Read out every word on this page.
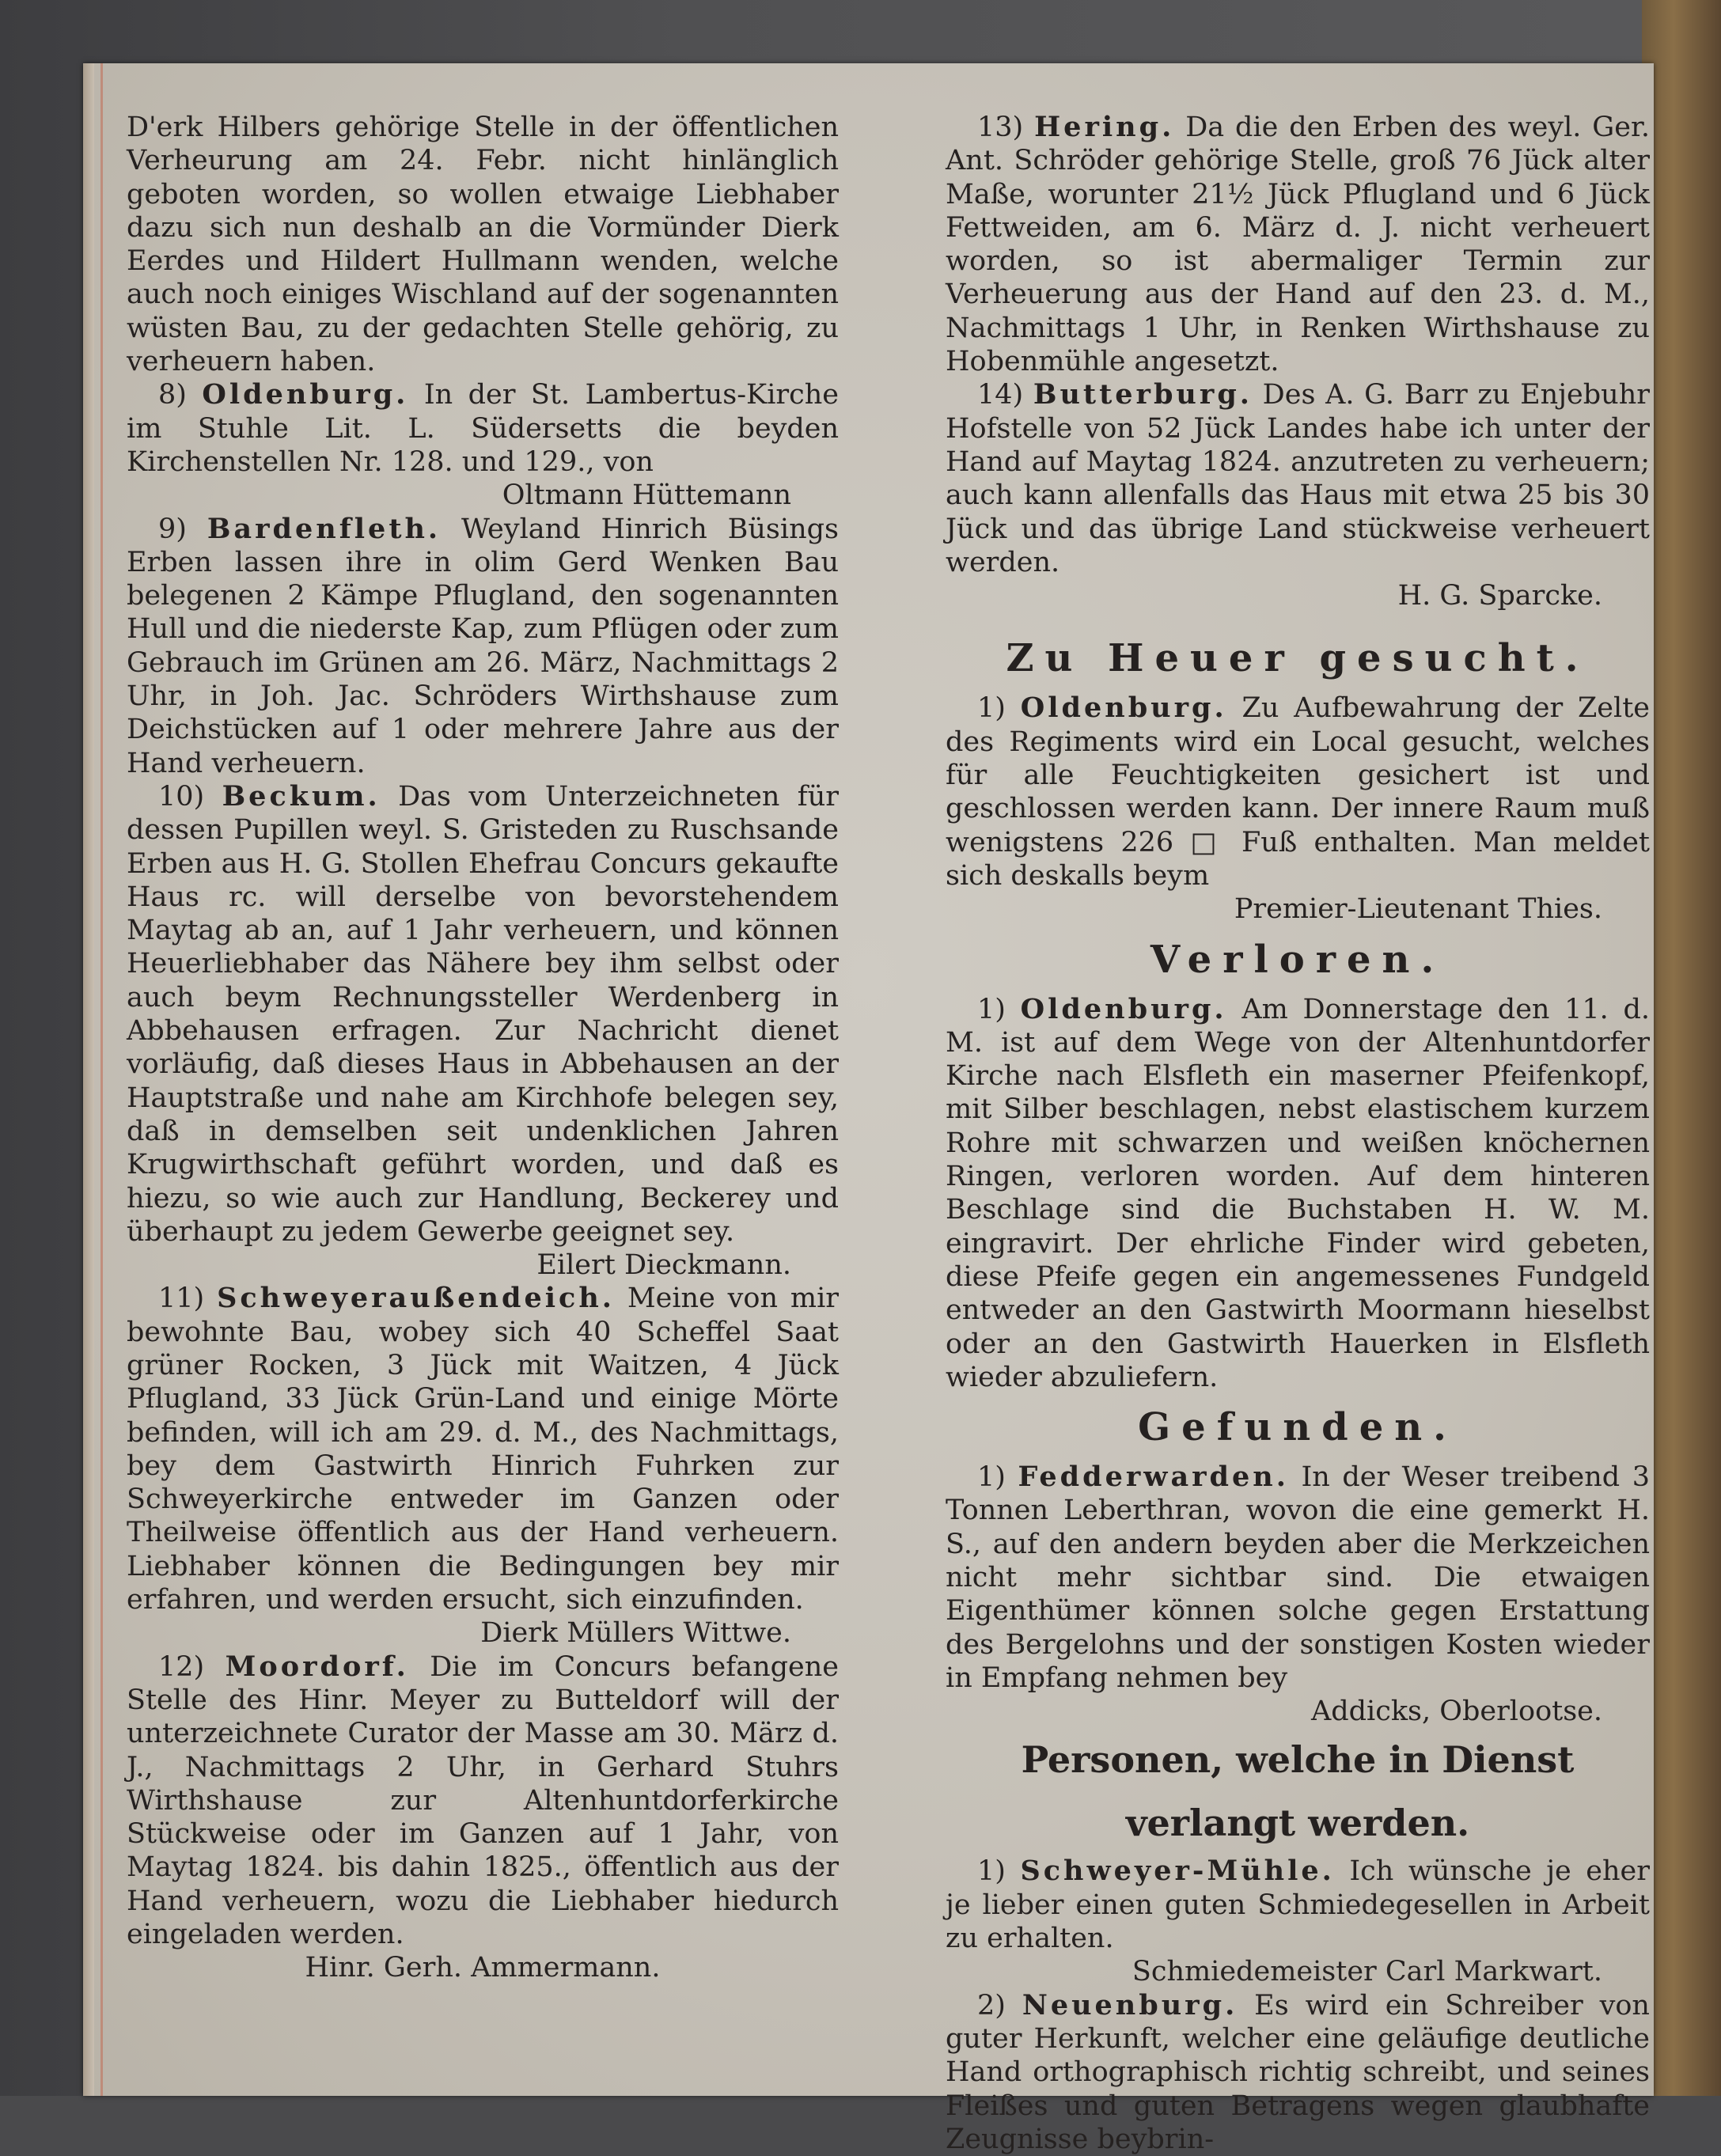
D'erk Hilbers gehörige Stelle in der öffentlichen Verheurung am 24. Febr. nicht hinlänglich geboten worden, so wollen etwaige Liebhaber dazu sich nun deshalb an die Vormünder Dierk Eerdes und Hildert Hullmann wenden, welche auch noch einiges Wischland auf der sogenannten wüsten Bau, zu der gedachten Stelle gehörig, zu verheuern haben.

8) Oldenburg. In der St. Lambertus-Kirche im Stuhle Lit. L. Südersetts die beyden Kirchenstellen Nr. 128. und 129., von

Oltmann Hüttemann

9) Bardenfleth. Weyland Hinrich Büsings Erben lassen ihre in olim Gerd Wenken Bau belegenen 2 Kämpe Pflugland, den sogenannten Hull und die niederste Kap, zum Pflügen oder zum Gebrauch im Grünen am 26. März, Nachmittags 2 Uhr, in Joh. Jac. Schröders Wirthshause zum Deichstücken auf 1 oder mehrere Jahre aus der Hand verheuern.

10) Beckum. Das vom Unterzeichneten für dessen Pupillen weyl. S. Gristeden zu Ruschsande Erben aus H. G. Stollen Ehefrau Concurs gekaufte Haus rc. will derselbe von bevorstehendem Maytag ab an, auf 1 Jahr verheuern, und können Heuerliebhaber das Nähere bey ihm selbst oder auch beym Rechnungssteller Werdenberg in Abbehausen erfragen. Zur Nachricht dienet vorläufig, daß dieses Haus in Abbehausen an der Hauptstraße und nahe am Kirchhofe belegen sey, daß in demselben seit undenklichen Jahren Krugwirthschaft geführt worden, und daß es hiezu, so wie auch zur Handlung, Beckerey und überhaupt zu jedem Gewerbe geeignet sey.

Eilert Dieckmann.

11) Schweyeraußendeich. Meine von mir bewohnte Bau, wobey sich 40 Scheffel Saat grüner Rocken, 3 Jück mit Waitzen, 4 Jück Pflugland, 33 Jück Grün-Land und einige Mörte befinden, will ich am 29. d. M., des Nachmittags, bey dem Gastwirth Hinrich Fuhrken zur Schweyerkirche entweder im Ganzen oder Theilweise öffentlich aus der Hand verheuern. Liebhaber können die Bedingungen bey mir erfahren, und werden ersucht, sich einzufinden.

Dierk Müllers Wittwe.

12) Moordorf. Die im Concurs befangene Stelle des Hinr. Meyer zu Butteldorf will der unterzeichnete Curator der Masse am 30. März d. J., Nachmittags 2 Uhr, in Gerhard Stuhrs Wirthshause zur Altenhuntdorferkirche Stückweise oder im Ganzen auf 1 Jahr, von Maytag 1824. bis dahin 1825., öffentlich aus der Hand verheuern, wozu die Liebhaber hiedurch eingeladen werden.

Hinr. Gerh. Ammermann.

13) Hering. Da die den Erben des weyl. Ger. Ant. Schröder gehörige Stelle, groß 76 Jück alter Maße, worunter 21½ Jück Pflugland und 6 Jück Fettweiden, am 6. März d. J. nicht verheuert worden, so ist abermaliger Termin zur Verheuerung aus der Hand auf den 23. d. M., Nachmittags 1 Uhr, in Renken Wirthshause zu Hobenmühle angesetzt.

14) Butterburg. Des A. G. Barr zu Enjebuhr Hofstelle von 52 Jück Landes habe ich unter der Hand auf Maytag 1824. anzutreten zu verheuern; auch kann allenfalls das Haus mit etwa 25 bis 30 Jück und das übrige Land stückweise verheuert werden.

H. G. Sparcke.

Zu Heuer gesucht.

1) Oldenburg. Zu Aufbewahrung der Zelte des Regiments wird ein Local gesucht, welches für alle Feuchtigkeiten gesichert ist und geschlossen werden kann. Der innere Raum muß wenigstens 226 □ Fuß enthalten. Man meldet sich deskalls beym

Premier-Lieutenant Thies.

Verloren.

1) Oldenburg. Am Donnerstage den 11. d. M. ist auf dem Wege von der Altenhuntdorfer Kirche nach Elsfleth ein maserner Pfeifenkopf, mit Silber beschlagen, nebst elastischem kurzem Rohre mit schwarzen und weißen knöchernen Ringen, verloren worden. Auf dem hinteren Beschlage sind die Buchstaben H. W. M. eingravirt. Der ehrliche Finder wird gebeten, diese Pfeife gegen ein angemessenes Fundgeld entweder an den Gastwirth Moormann hieselbst oder an den Gastwirth Hauerken in Elsfleth wieder abzuliefern.

Gefunden.

1) Fedderwarden. In der Weser treibend 3 Tonnen Leberthran, wovon die eine gemerkt H. S., auf den andern beyden aber die Merkzeichen nicht mehr sichtbar sind. Die etwaigen Eigenthümer können solche gegen Erstattung des Bergelohns und der sonstigen Kosten wieder in Empfang nehmen bey

Addicks, Oberlootse.

Personen, welche in Dienst verlangt werden.

1) Schweyer-Mühle. Ich wünsche je eher je lieber einen guten Schmiedegesellen in Arbeit zu erhalten.

Schmiedemeister Carl Markwart.

2) Neuenburg. Es wird ein Schreiber von guter Herkunft, welcher eine geläufige deutliche Hand orthographisch richtig schreibt, und seines Fleißes und guten Betragens wegen glaubhafte Zeugnisse beybrin-
